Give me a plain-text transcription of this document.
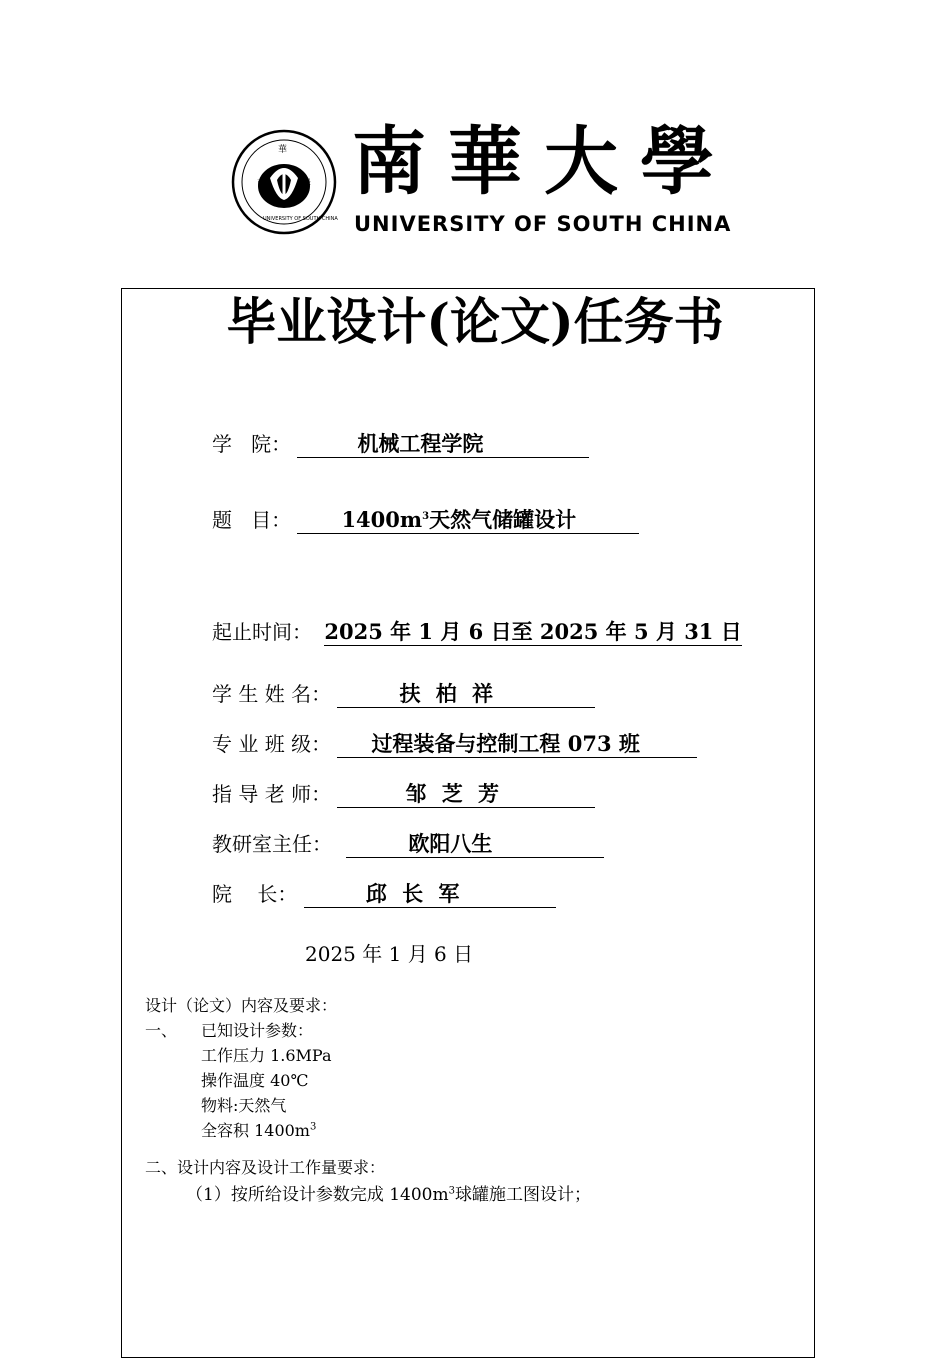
南
華
學
UNIVERSITY OF SOUTH CHINA
南華大學
UNIVERSITY OF SOUTH CHINA
毕业设计(论文)任务书
学   院：	机械工程学院
题   目： $1400m^3$天然气储罐设计
起止时间： 2025 年 1 月 6 日至 2025 年 5 月 31 日
学 生 姓 名：	扶 柏 祥
专 业 班 级： 过程装备与控制工程 073 班
指 导 老 师：	邹 芝 芳
教研室主任：	欧阳八生
院    长：	邱 长 军
2025 年 1 月 6 日
设计（论文）内容及要求：
一、 已知设计参数：
工作压力 1.6MPa
操作温度 40℃
物料:天然气
全容积 $1400m^3$
二、设计内容及设计工作量要求：
（1）按所给设计参数完成 $1400m^3$球罐施工图设计；
